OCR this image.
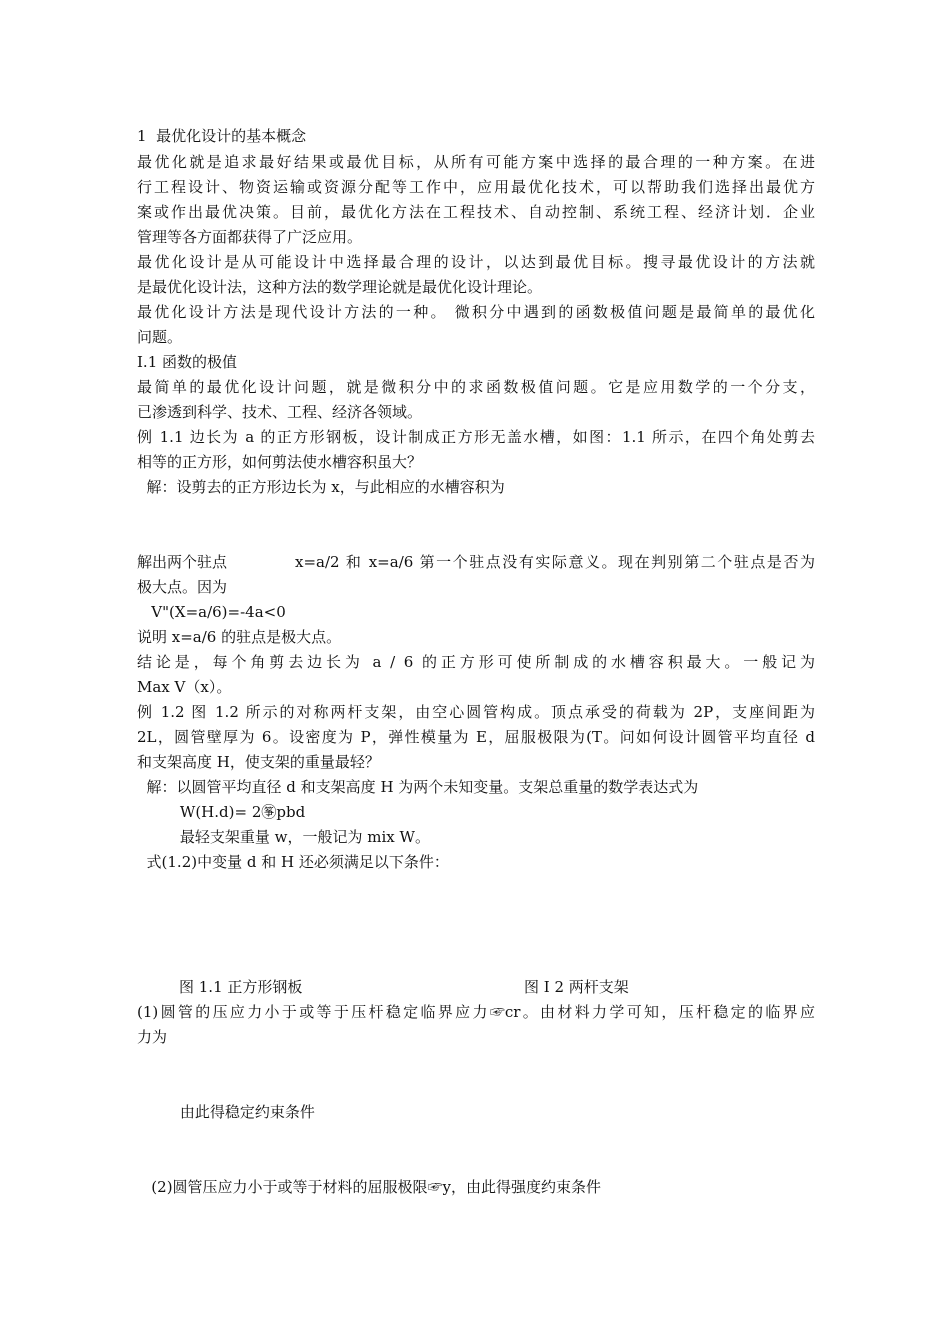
1  最优化设计的基本概念
最优化就是追求最好结果或最优目标，从所有可能方案中选择的最合理的一种方案。在进
行工程设计、物资运输或资源分配等工作中，应用最优化技术，可以帮助我们选择出最优方
案或作出最优决策。目前，最优化方法在工程技术、自动控制、系统工程、经济计划．企业
管理等各方面都获得了广泛应用。
最优化设计是从可能设计中选择最合理的设计，以达到最优目标。搜寻最优设计的方法就
是最优化设计法，这种方法的数学理论就是最优化设计理论。
最优化设计方法是现代设计方法的一种。 微积分中遇到的函数极值问题是最简单的最优化
问题。
I.1 函数的极值
最简单的最优化设计问题，就是微积分中的求函数极值问题。它是应用数学的一个分支，
已渗透到科学、技术、工程、经济各领域。
例 1.1 边长为 a 的正方形钢板，设计制成正方形无盖水槽，如图：1.1 所示，在四个角处剪去
相等的正方形，如何剪法使水槽容积虽大？
解：设剪去的正方形边长为 x，与此相应的水槽容积为
解出两个驻点	x=a/2 和 x=a/6 第一个驻点没有实际意义。现在判别第二个驻点是否为
极大点。因为
V"(X=a/6)=-4a<0
说明 x=a/6 的驻点是极大点。
结论是，每个角剪去边长为 a / 6 的正方形可使所制成的水槽容积最大。一般记为
Max V（x）。
例 1.2 图 1.2 所示的对称两杆支架，由空心圆管构成。顶点承受的荷载为 2P，支座间距为
2L，圆管壁厚为 6。设密度为 P，弹性模量为 E，屈服极限为(T。问如何设计圆管平均直径 d
和支架高度 H，使支架的重量最轻？
解：以圆管平均直径 d 和支架高度 H 为两个未知变量。支架总重量的数学表达式为
W(H.d)= 2㉇pbd
最轻支架重量 w，一般记为 mix W。
式(1.2)中变量 d 和 H 还必须满足以下条件：
图 1.1 正方形钢板	图 I 2 两杆支架
(1)圆管的压应力小于或等于压杆稳定临界应力☞cr。由材料力学可知，压杆稳定的临界应
力为
由此得稳定约束条件
(2)圆管压应力小于或等于材料的屈服极限☞y，由此得强度约束条件
